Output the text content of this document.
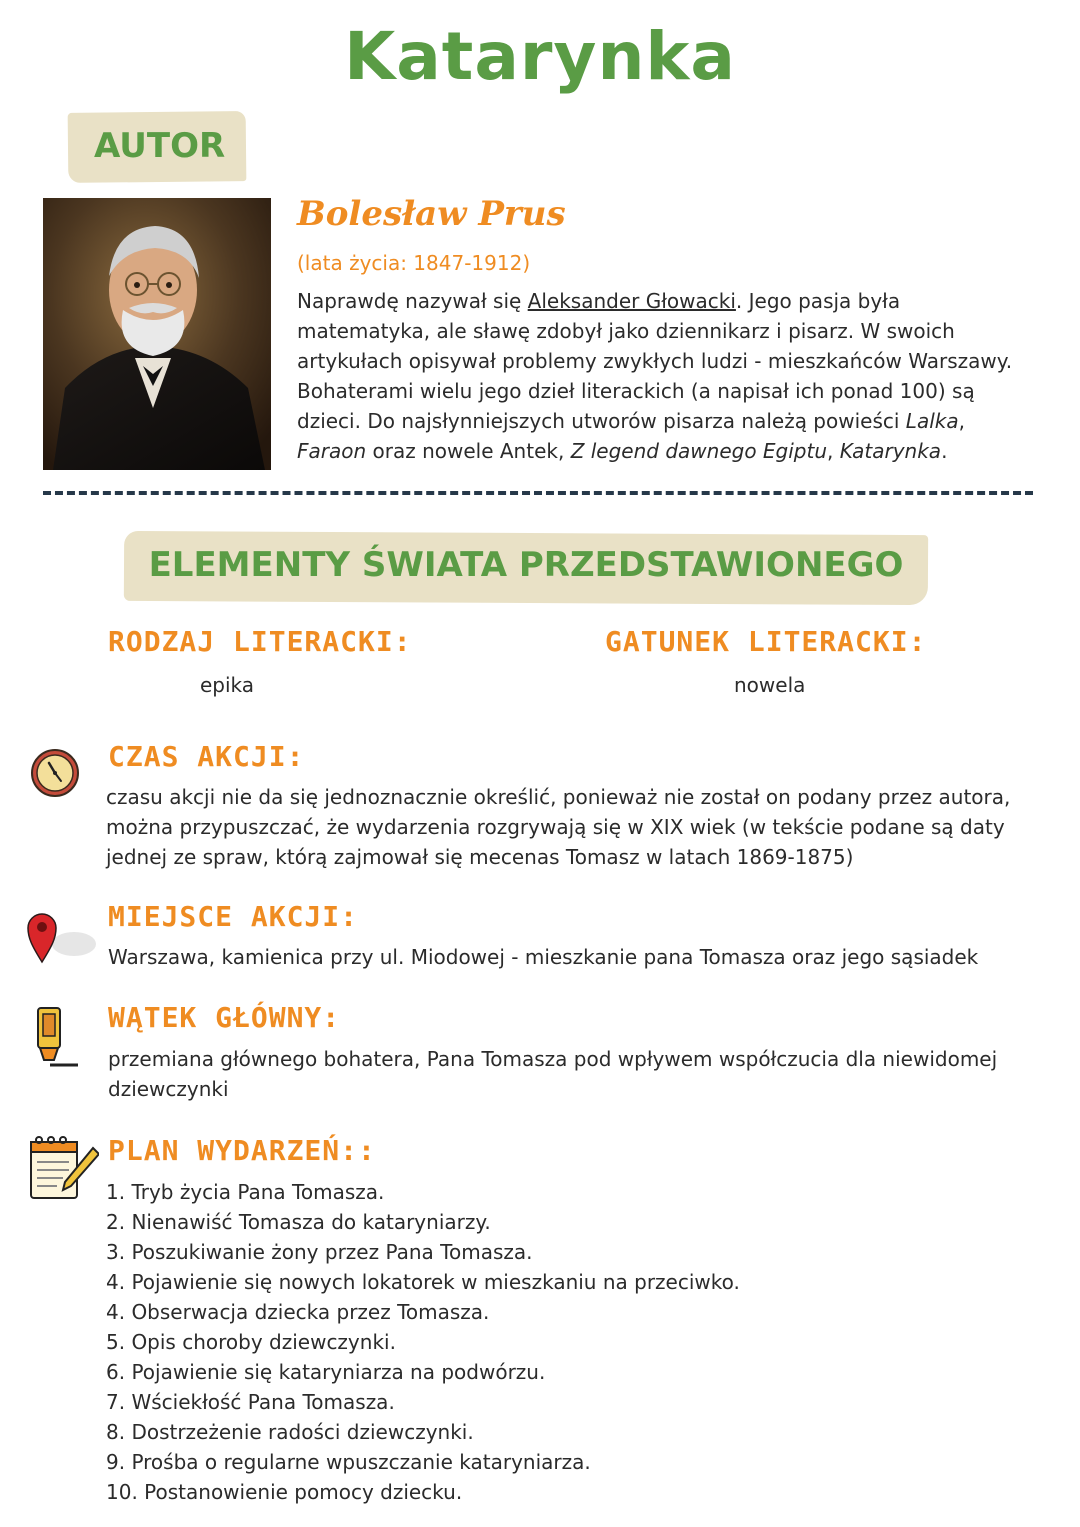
Katarynka
AUTOR
Bolesław Prus
(lata życia: 1847-1912)
Naprawdę nazywał się Aleksander Głowacki. Jego pasja była matematyka, ale sławę zdobył jako dziennikarz i pisarz. W swoich artykułach opisywał problemy zwykłych ludzi - mieszkańców Warszawy. Bohaterami wielu jego dzieł literackich (a napisał ich ponad 100) są dzieci. Do najsłynniejszych utworów pisarza należą powieści Lalka, Faraon oraz nowele Antek, Z legend dawnego Egiptu, Katarynka.
ELEMENTY ŚWIATA PRZEDSTAWIONEGO
RODZAJ LITERACKI:
epika
GATUNEK LITERACKI:
nowela
CZAS AKCJI:
czasu akcji nie da się jednoznacznie określić, ponieważ nie został on podany przez autora, można przypuszczać, że wydarzenia rozgrywają się w XIX wiek (w tekście podane są daty jednej ze spraw, którą zajmował się mecenas Tomasz w latach 1869-1875)
MIEJSCE AKCJI:
Warszawa, kamienica przy ul. Miodowej - mieszkanie pana Tomasza oraz jego sąsiadek
WĄTEK GŁÓWNY:
przemiana głównego bohatera, Pana Tomasza pod wpływem współczucia dla niewidomej dziewczynki
PLAN WYDARZEŃ::
1. Tryb życia Pana Tomasza.
2. Nienawiść Tomasza do kataryniarzy.
3. Poszukiwanie żony przez Pana Tomasza.
4. Pojawienie się nowych lokatorek w mieszkaniu na przeciwko.
4. Obserwacja dziecka przez Tomasza.
5. Opis choroby dziewczynki.
6. Pojawienie się kataryniarza na podwórzu.
7. Wściekłość Pana Tomasza.
8. Dostrzeżenie radości dziewczynki.
9. Prośba o regularne wpuszczanie kataryniarza.
10. Postanowienie pomocy dziecku.
